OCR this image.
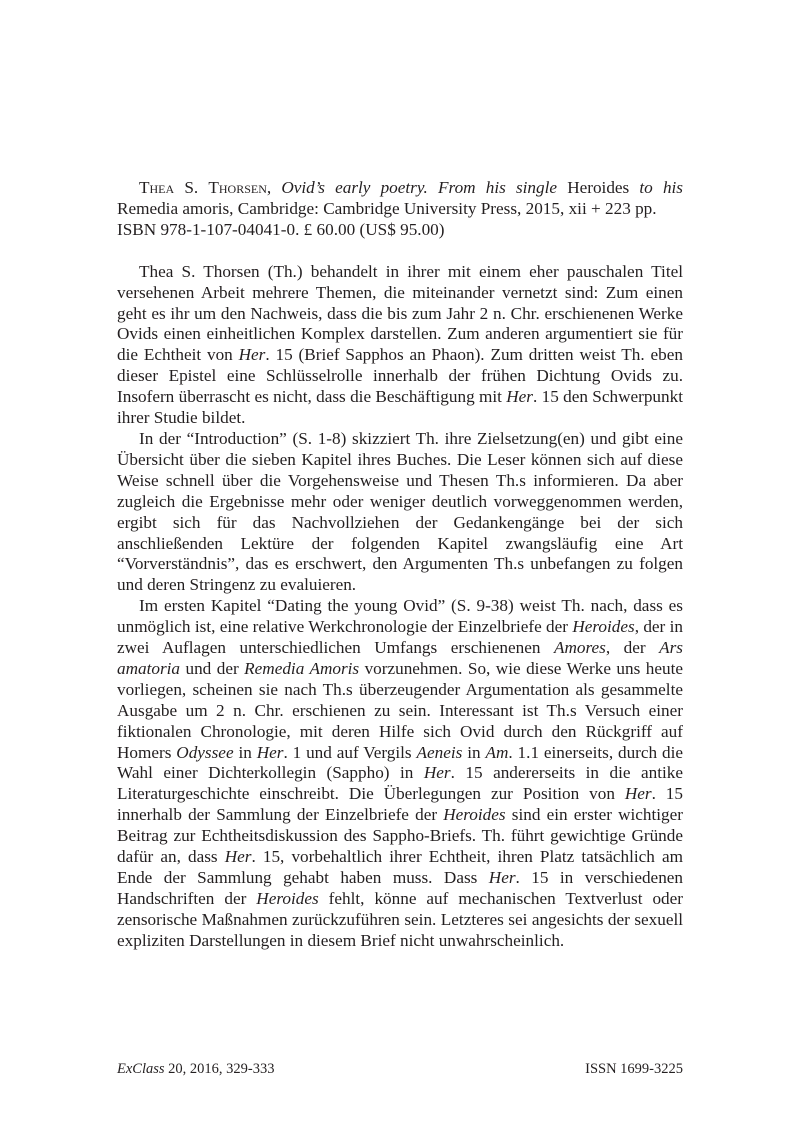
Thea S. Thorsen, Ovid’s early poetry. From his single Heroides to his Remedia amoris, Cambridge: Cambridge University Press, 2015, xii + 223 pp.
ISBN 978-1-107-04041-0. £ 60.00 (US$ 95.00)

Thea S. Thorsen (Th.) behandelt in ihrer mit einem eher pauschalen Titel versehenen Arbeit mehrere Themen, die miteinander vernetzt sind: Zum einen geht es ihr um den Nachweis, dass die bis zum Jahr 2 n. Chr. erschienenen Werke Ovids einen einheitlichen Komplex darstellen. Zum anderen argumentiert sie für die Echtheit von Her. 15 (Brief Sapphos an Phaon). Zum dritten weist Th. eben dieser Epistel eine Schlüsselrolle innerhalb der frühen Dichtung Ovids zu. Insofern überrascht es nicht, dass die Beschäftigung mit Her. 15 den Schwerpunkt ihrer Studie bildet.

In der “Introduction” (S. 1-8) skizziert Th. ihre Zielsetzung(en) und gibt eine Übersicht über die sieben Kapitel ihres Buches. Die Leser können sich auf diese Weise schnell über die Vorgehensweise und Thesen Th.s informieren. Da aber zugleich die Ergebnisse mehr oder weniger deutlich vorweggenommen werden, ergibt sich für das Nachvollziehen der Gedankengänge bei der sich anschließenden Lektüre der folgenden Kapitel zwangsläufig eine Art “Vorverständnis”, das es erschwert, den Argumenten Th.s unbefangen zu folgen und deren Stringenz zu evaluieren.

Im ersten Kapitel “Dating the young Ovid” (S. 9-38) weist Th. nach, dass es unmöglich ist, eine relative Werkchronologie der Einzelbriefe der Heroides, der in zwei Auflagen unterschiedlichen Umfangs erschienenen Amores, der Ars amatoria und der Remedia Amoris vorzunehmen. So, wie diese Werke uns heute vorliegen, scheinen sie nach Th.s überzeugender Argumentation als gesammelte Ausgabe um 2 n. Chr. erschienen zu sein. Interessant ist Th.s Versuch einer fiktionalen Chronologie, mit deren Hilfe sich Ovid durch den Rückgriff auf Homers Odyssee in Her. 1 und auf Vergils Aeneis in Am. 1.1 einerseits, durch die Wahl einer Dichterkollegin (Sappho) in Her. 15 andererseits in die antike Literaturgeschichte einschreibt. Die Überlegungen zur Position von Her. 15 innerhalb der Sammlung der Einzelbriefe der Heroides sind ein erster wichtiger Beitrag zur Echtheitsdiskussion des Sappho-Briefs. Th. führt gewichtige Gründe dafür an, dass Her. 15, vorbehaltlich ihrer Echtheit, ihren Platz tatsächlich am Ende der Sammlung gehabt haben muss. Dass Her. 15 in verschiedenen Handschriften der Heroides fehlt, könne auf mechanischen Textverlust oder zensorische Maßnahmen zurückzuführen sein. Letzteres sei angesichts der sexuell expliziten Darstellungen in diesem Brief nicht unwahrscheinlich.

ExClass 20, 2016, 329-333	ISSN 1699-3225
